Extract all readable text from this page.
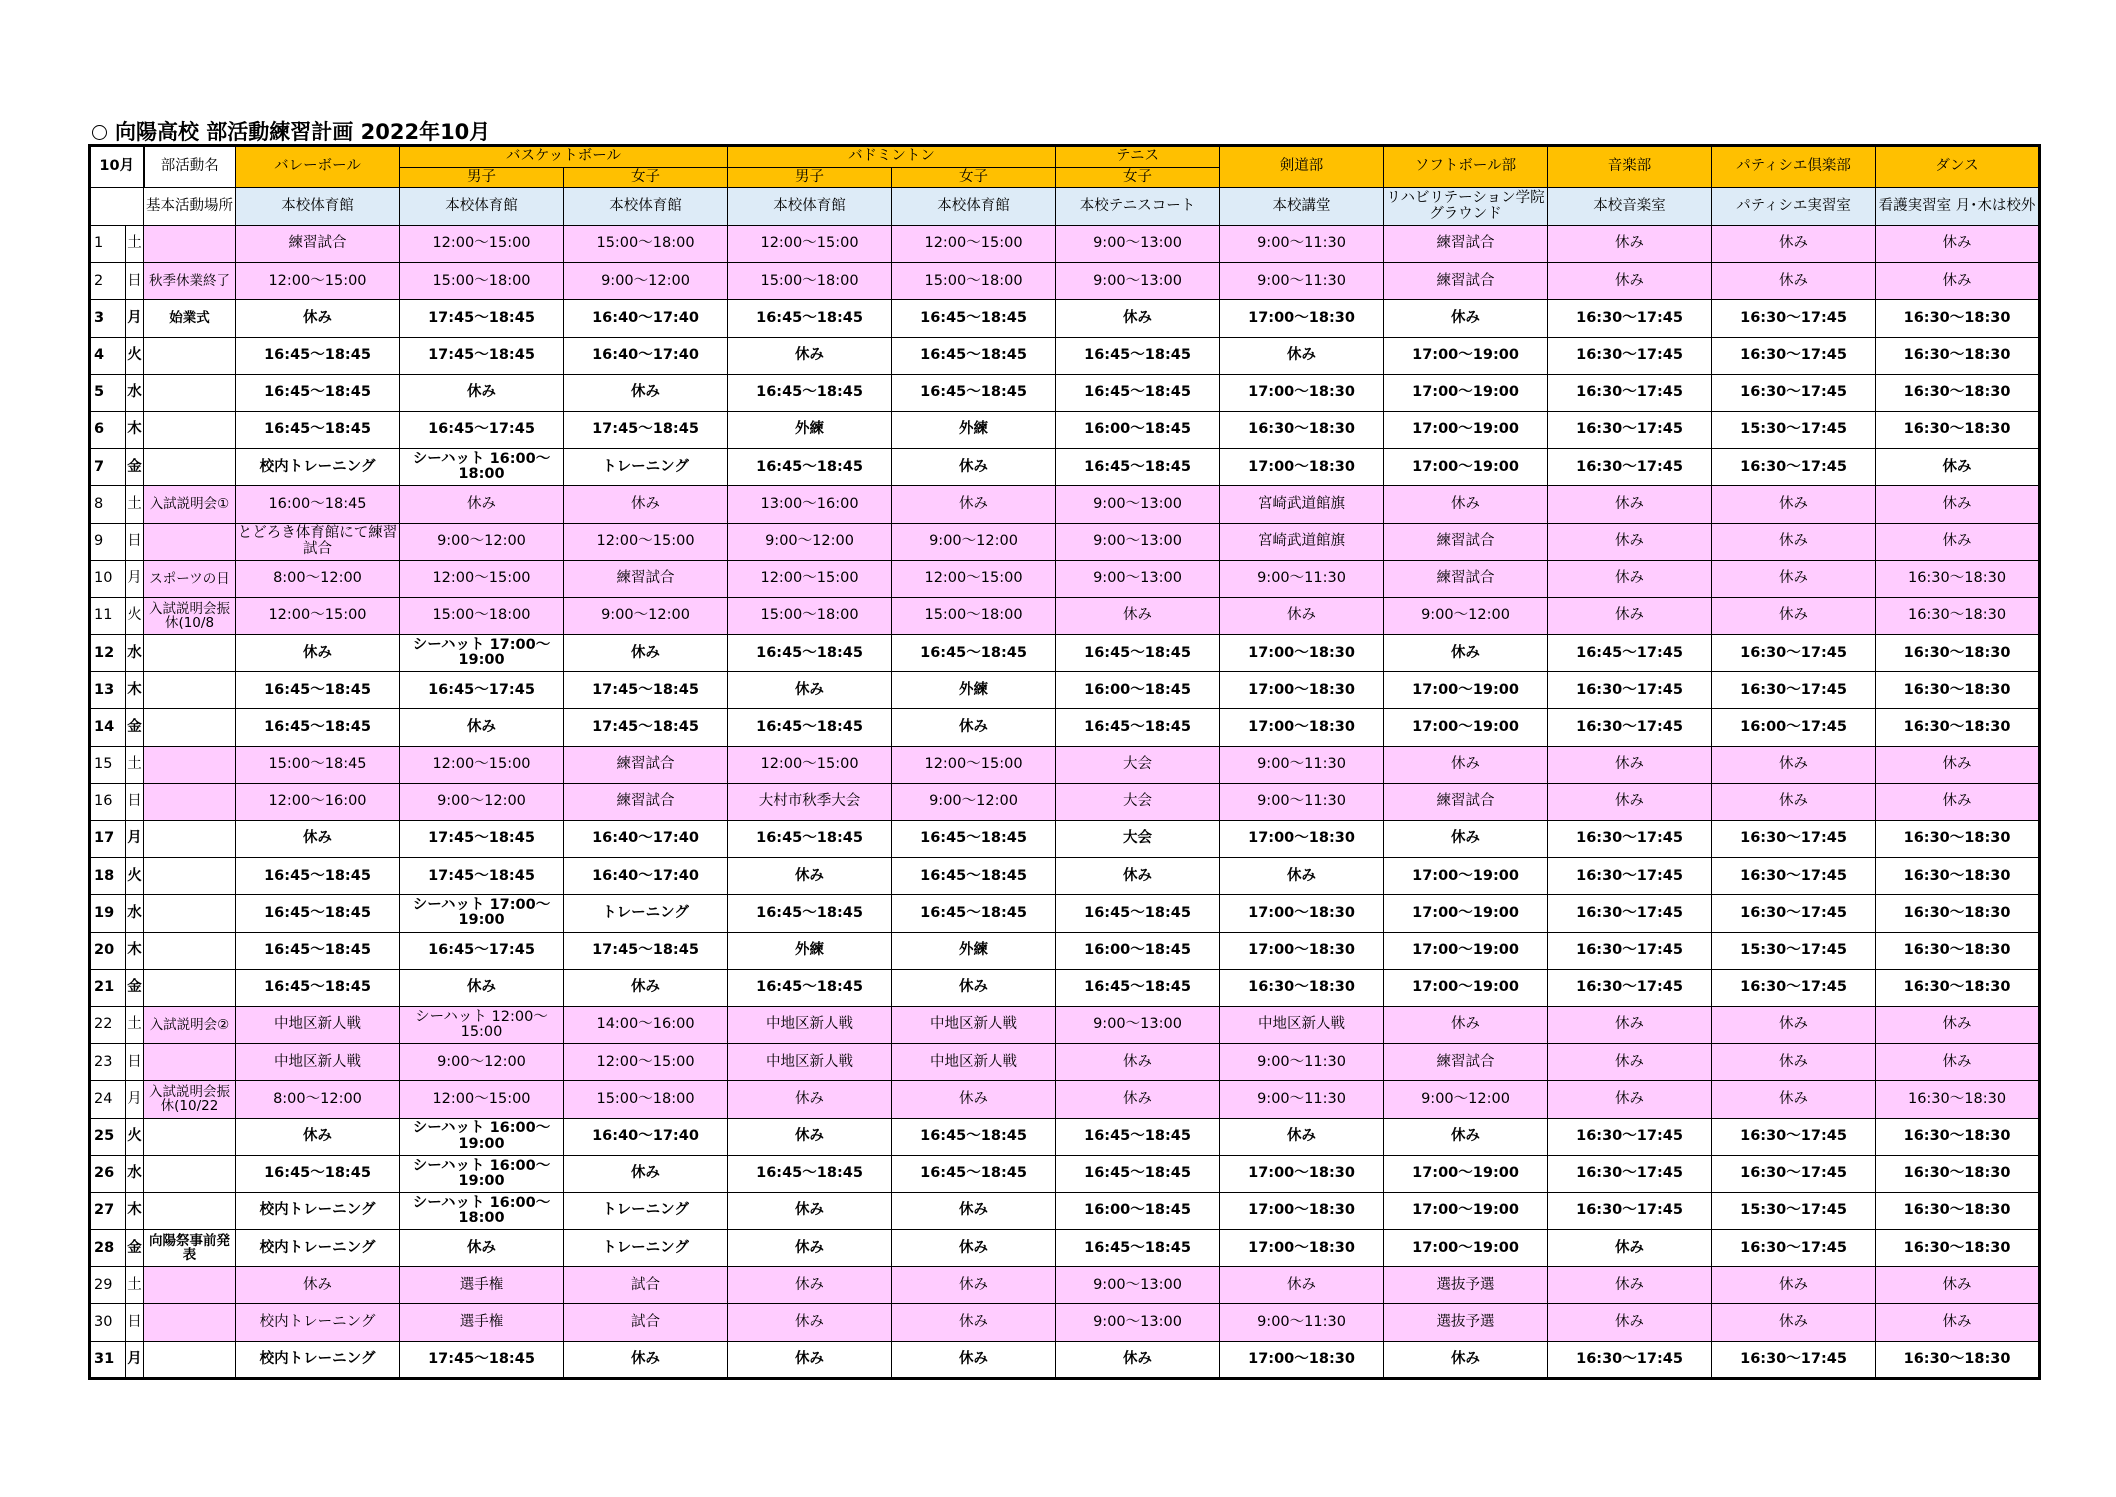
向陽高校 部活動練習計画 2022年10月
10月		部活動名	バレーボール	バスケットボール		バドミントン		テニス	剣道部	ソフトボール部	音楽部	パティシエ倶楽部	ダンス
				男子	女子	男子	女子	女子					
		基本活動場所	本校体育館	本校体育館	本校体育館	本校体育館	本校体育館	本校テニスコート	本校講堂	リハビリテーション学院グラウンド	本校音楽室	パティシエ実習室	看護実習室 月･木は校外
1	土		練習試合	12:00～15:00	15:00～18:00	12:00～15:00	12:00～15:00	9:00～13:00	9:00～11:30	練習試合	休み	休み	休み
2	日	秋季休業終了	12:00～15:00	15:00～18:00	9:00～12:00	15:00～18:00	15:00～18:00	9:00～13:00	9:00～11:30	練習試合	休み	休み	休み
3	月	始業式	休み	17:45～18:45	16:40～17:40	16:45～18:45	16:45～18:45	休み	17:00～18:30	休み	16:30～17:45	16:30～17:45	16:30～18:30
4	火		16:45～18:45	17:45～18:45	16:40～17:40	休み	16:45～18:45	16:45～18:45	休み	17:00～19:00	16:30～17:45	16:30～17:45	16:30～18:30
5	水		16:45～18:45	休み	休み	16:45～18:45	16:45～18:45	16:45～18:45	17:00～18:30	17:00～19:00	16:30～17:45	16:30～17:45	16:30～18:30
6	木		16:45～18:45	16:45～17:45	17:45～18:45	外練	外練	16:00～18:45	16:30～18:30	17:00～19:00	16:30～17:45	15:30～17:45	16:30～18:30
7	金		校内トレーニング	シーハット 16:00～18:00	トレーニング	16:45～18:45	休み	16:45～18:45	17:00～18:30	17:00～19:00	16:30～17:45	16:30～17:45	休み
8	土	入試説明会①	16:00～18:45	休み	休み	13:00～16:00	休み	9:00～13:00	宮崎武道館旗	休み	休み	休み	休み
9	日		とどろき体育館にて練習試合	9:00～12:00	12:00～15:00	9:00～12:00	9:00～12:00	9:00～13:00	宮崎武道館旗	練習試合	休み	休み	休み
10	月	スポーツの日	8:00～12:00	12:00～15:00	練習試合	12:00～15:00	12:00～15:00	9:00～13:00	9:00～11:30	練習試合	休み	休み	16:30～18:30
11	火	入試説明会振休(10/8	12:00～15:00	15:00～18:00	9:00～12:00	15:00～18:00	15:00～18:00	休み	休み	9:00～12:00	休み	休み	16:30～18:30
12	水		休み	シーハット 17:00～19:00	休み	16:45～18:45	16:45～18:45	16:45～18:45	17:00～18:30	休み	16:45～17:45	16:30～17:45	16:30～18:30
13	木		16:45～18:45	16:45～17:45	17:45～18:45	休み	外練	16:00～18:45	17:00～18:30	17:00～19:00	16:30～17:45	16:30～17:45	16:30～18:30
14	金		16:45～18:45	休み	17:45～18:45	16:45～18:45	休み	16:45～18:45	17:00～18:30	17:00～19:00	16:30～17:45	16:00～17:45	16:30～18:30
15	土		15:00～18:45	12:00～15:00	練習試合	12:00～15:00	12:00～15:00	大会	9:00～11:30	休み	休み	休み	休み
16	日		12:00～16:00	9:00～12:00	練習試合	大村市秋季大会	9:00～12:00	大会	9:00～11:30	練習試合	休み	休み	休み
17	月		休み	17:45～18:45	16:40～17:40	16:45～18:45	16:45～18:45	大会	17:00～18:30	休み	16:30～17:45	16:30～17:45	16:30～18:30
18	火		16:45～18:45	17:45～18:45	16:40～17:40	休み	16:45～18:45	休み	休み	17:00～19:00	16:30～17:45	16:30～17:45	16:30～18:30
19	水		16:45～18:45	シーハット 17:00～19:00	トレーニング	16:45～18:45	16:45～18:45	16:45～18:45	17:00～18:30	17:00～19:00	16:30～17:45	16:30～17:45	16:30～18:30
20	木		16:45～18:45	16:45～17:45	17:45～18:45	外練	外練	16:00～18:45	17:00～18:30	17:00～19:00	16:30～17:45	15:30～17:45	16:30～18:30
21	金		16:45～18:45	休み	休み	16:45～18:45	休み	16:45～18:45	16:30～18:30	17:00～19:00	16:30～17:45	16:30～17:45	16:30～18:30
22	土	入試説明会②	中地区新人戦	シーハット 12:00～15:00	14:00～16:00	中地区新人戦	中地区新人戦	9:00～13:00	中地区新人戦	休み	休み	休み	休み
23	日		中地区新人戦	9:00～12:00	12:00～15:00	中地区新人戦	中地区新人戦	休み	9:00～11:30	練習試合	休み	休み	休み
24	月	入試説明会振休(10/22	8:00～12:00	12:00～15:00	15:00～18:00	休み	休み	休み	9:00～11:30	9:00～12:00	休み	休み	16:30～18:30
25	火		休み	シーハット 16:00～19:00	16:40～17:40	休み	16:45～18:45	16:45～18:45	休み	休み	16:30～17:45	16:30～17:45	16:30～18:30
26	水		16:45～18:45	シーハット 16:00～19:00	休み	16:45～18:45	16:45～18:45	16:45～18:45	17:00～18:30	17:00～19:00	16:30～17:45	16:30～17:45	16:30～18:30
27	木		校内トレーニング	シーハット 16:00～18:00	トレーニング	休み	休み	16:00～18:45	17:00～18:30	17:00～19:00	16:30～17:45	15:30～17:45	16:30～18:30
28	金	向陽祭事前発表	校内トレーニング	休み	トレーニング	休み	休み	16:45～18:45	17:00～18:30	17:00～19:00	休み	16:30～17:45	16:30～18:30
29	土		休み	選手権	試合	休み	休み	9:00～13:00	休み	選抜予選	休み	休み	休み
30	日		校内トレーニング	選手権	試合	休み	休み	9:00～13:00	9:00～11:30	選抜予選	休み	休み	休み
31	月		校内トレーニング	17:45～18:45	休み	休み	休み	休み	17:00～18:30	休み	16:30～17:45	16:30～17:45	16:30～18:30
